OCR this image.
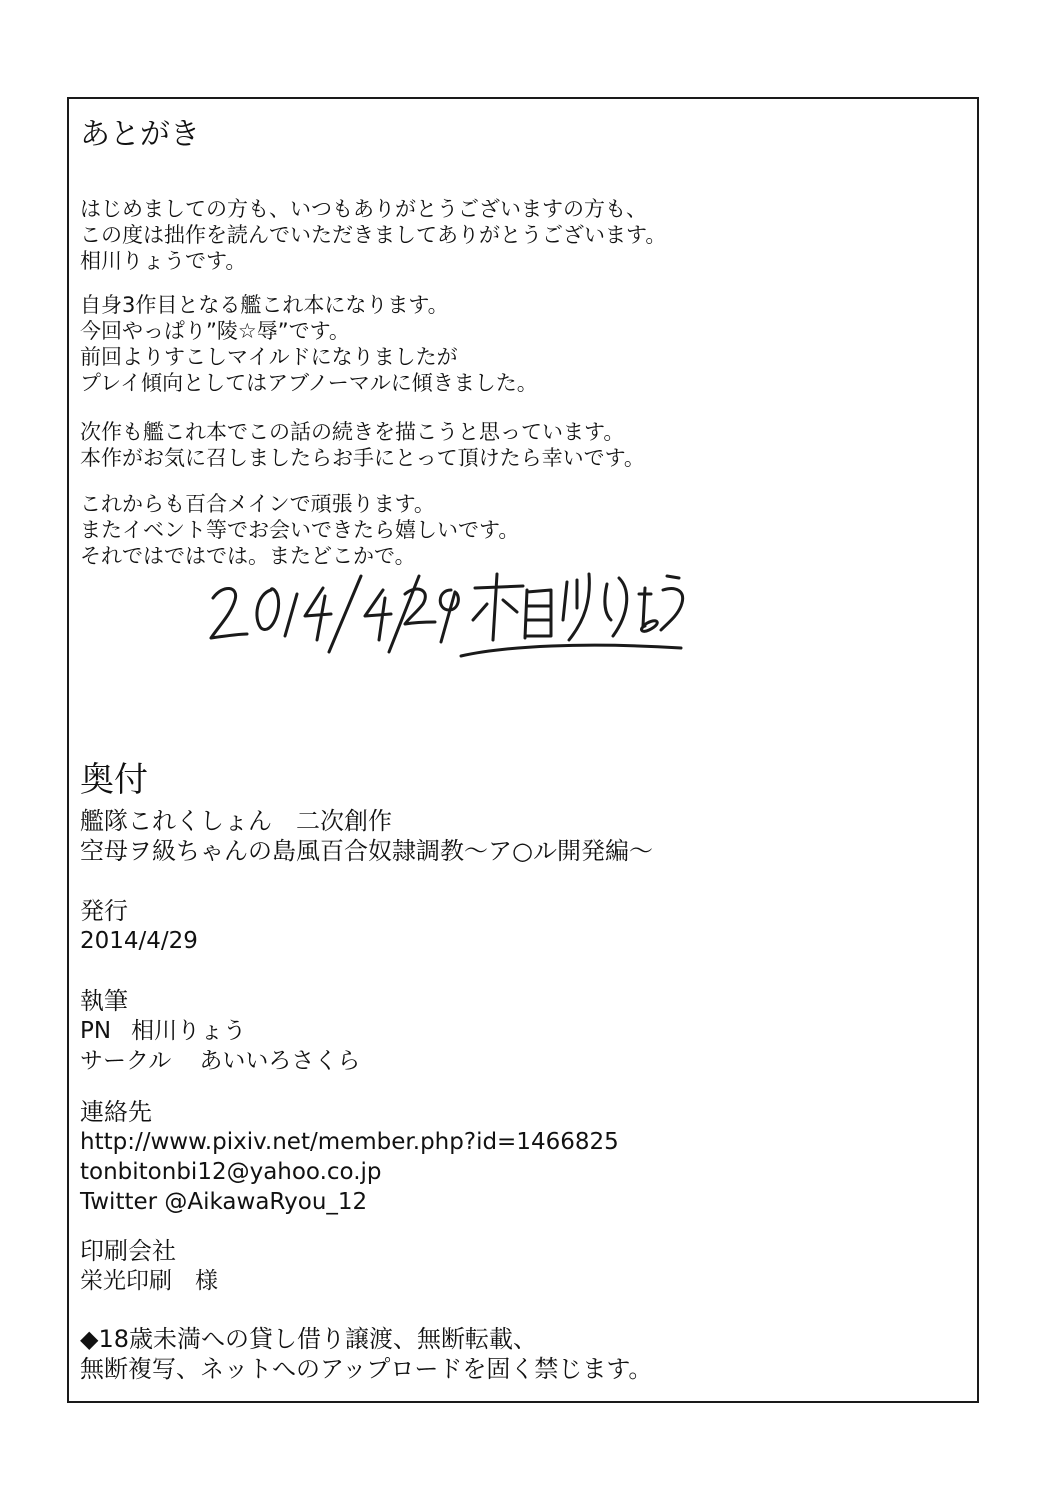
あとがき
はじめましての方も、いつもありがとうございますの方も、
この度は拙作を読んでいただきましてありがとうございます。
相川りょうです。
自身3作目となる艦これ本になります。
今回やっぱり”陵☆辱”です。
前回よりすこしマイルドになりましたが
プレイ傾向としてはアブノーマルに傾きました。
次作も艦これ本でこの話の続きを描こうと思っています。
本作がお気に召しましたらお手にとって頂けたら幸いです。
これからも百合メインで頑張ります。
またイベント等でお会いできたら嬉しいです。
それではではでは。またどこかで。
奥付
艦隊これくしょん　二次創作
空母ヲ級ちゃんの島風百合奴隷調教～ア○ル開発編～
発行
2014/4/29
執筆
PN 相川りょう
サークル あいいろさくら
連絡先
http://www.pixiv.net/member.php?id=1466825
tonbitonbi12@yahoo.co.jp
Twitter @AikawaRyou_12
印刷会社
栄光印刷　様
◆18歳未満への貸し借り譲渡、無断転載、
無断複写、ネットへのアップロードを固く禁じます。
